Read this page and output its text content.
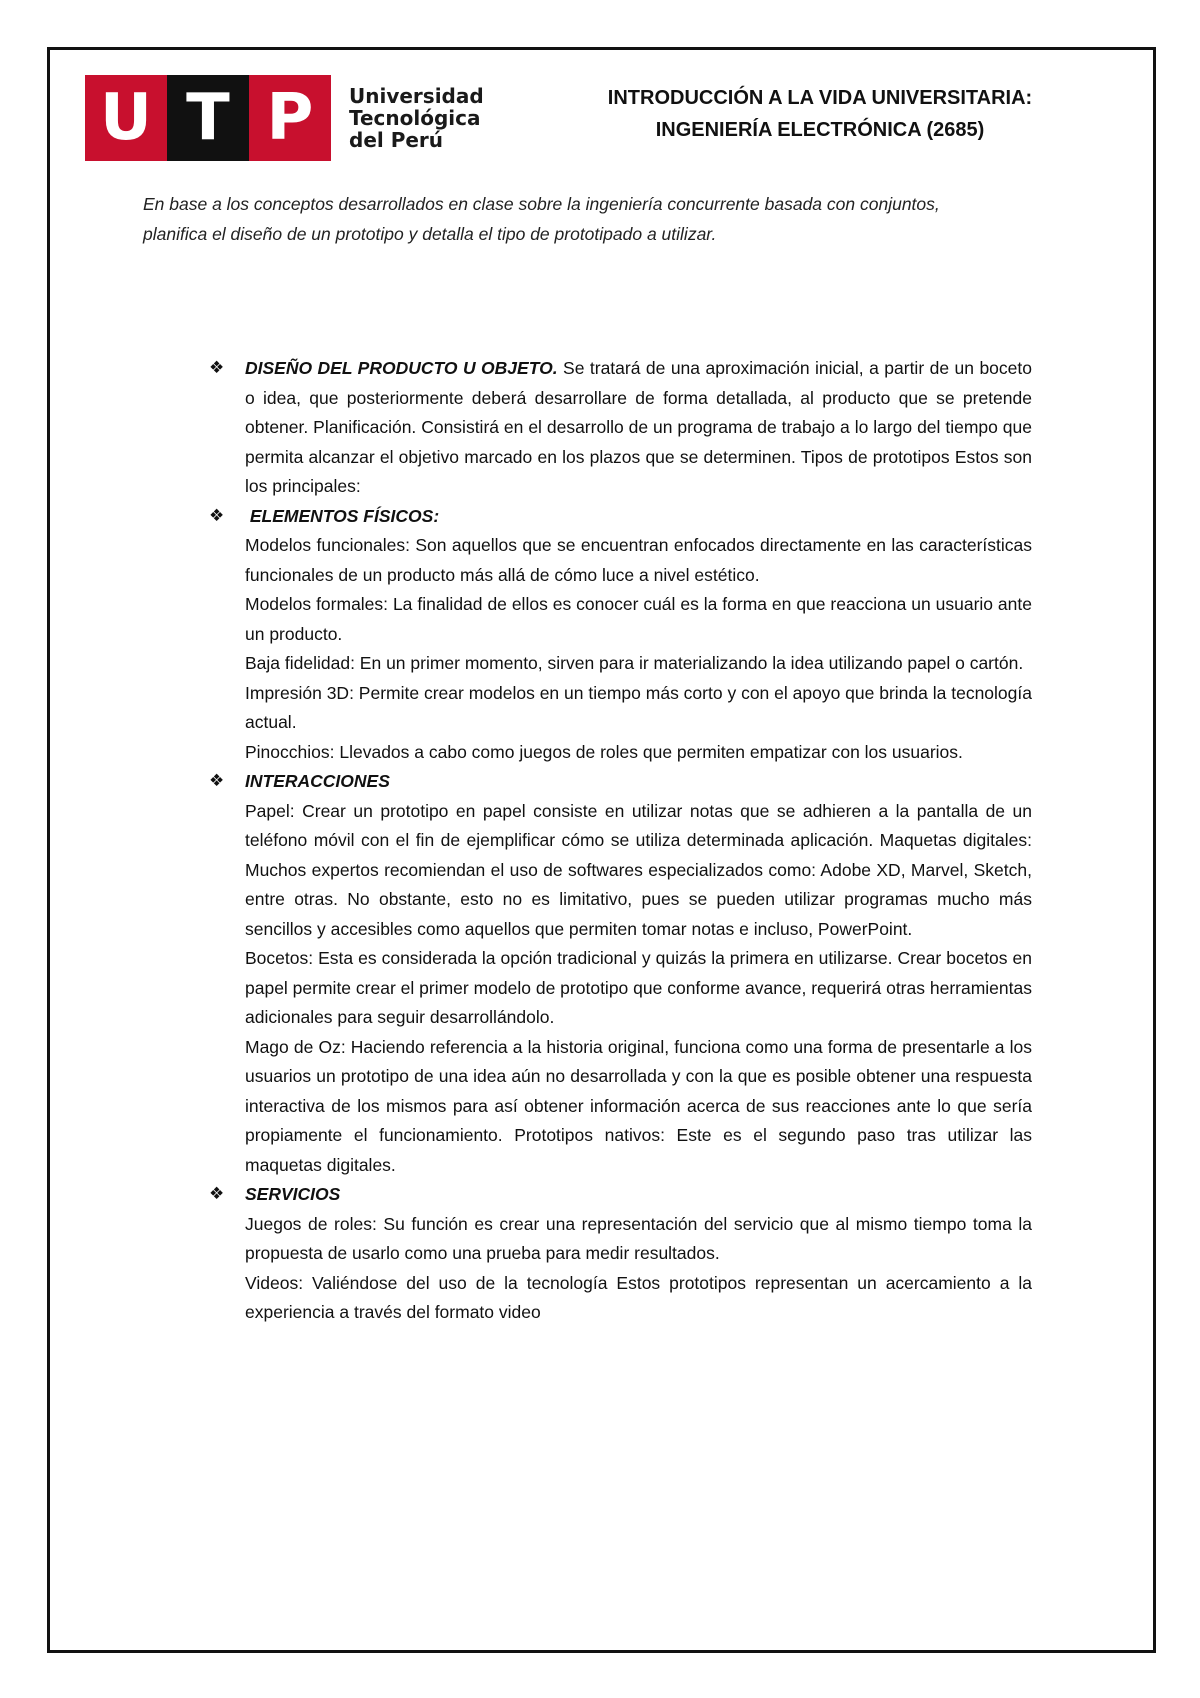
U T P	Universidad
Tecnológica
del Perú
INTRODUCCIÓN A LA VIDA UNIVERSITARIA:
INGENIERÍA ELECTRÓNICA (2685)
En base a los conceptos desarrollados en clase sobre la ingeniería concurrente basada con conjuntos,
planifica el diseño de un prototipo y detalla el tipo de prototipado a utilizar.
❖ DISEÑO DEL PRODUCTO U OBJETO. Se tratará de una aproximación inicial, a partir de un boceto o idea, que posteriormente deberá desarrollare de forma detallada, al producto que se pretende obtener. Planificación. Consistirá en el desarrollo de un programa de trabajo a lo largo del tiempo que permita alcanzar el objetivo marcado en los plazos que se determinen. Tipos de prototipos Estos son los principales:

❖ ELEMENTOS FÍSICOS:

Modelos funcionales: Son aquellos que se encuentran enfocados directamente en las características funcionales de un producto más allá de cómo luce a nivel estético.

Modelos formales: La finalidad de ellos es conocer cuál es la forma en que reacciona un usuario ante un producto.

Baja fidelidad: En un primer momento, sirven para ir materializando la idea utilizando papel o cartón.

Impresión 3D: Permite crear modelos en un tiempo más corto y con el apoyo que brinda la tecnología actual.

Pinocchios: Llevados a cabo como juegos de roles que permiten empatizar con los usuarios.

❖ INTERACCIONES

Papel: Crear un prototipo en papel consiste en utilizar notas que se adhieren a la pantalla de un teléfono móvil con el fin de ejemplificar cómo se utiliza determinada aplicación. Maquetas digitales: Muchos expertos recomiendan el uso de softwares especializados como: Adobe XD, Marvel, Sketch, entre otras. No obstante, esto no es limitativo, pues se pueden utilizar programas mucho más sencillos y accesibles como aquellos que permiten tomar notas e incluso, PowerPoint.

Bocetos: Esta es considerada la opción tradicional y quizás la primera en utilizarse. Crear bocetos en papel permite crear el primer modelo de prototipo que conforme avance, requerirá otras herramientas adicionales para seguir desarrollándolo.

Mago de Oz: Haciendo referencia a la historia original, funciona como una forma de presentarle a los usuarios un prototipo de una idea aún no desarrollada y con la que es posible obtener una respuesta interactiva de los mismos para así obtener información acerca de sus reacciones ante lo que sería propiamente el funcionamiento. Prototipos nativos: Este es el segundo paso tras utilizar las maquetas digitales.

❖ SERVICIOS

Juegos de roles: Su función es crear una representación del servicio que al mismo tiempo toma la propuesta de usarlo como una prueba para medir resultados.

Videos: Valiéndose del uso de la tecnología Estos prototipos representan un acercamiento a la experiencia a través del formato video
